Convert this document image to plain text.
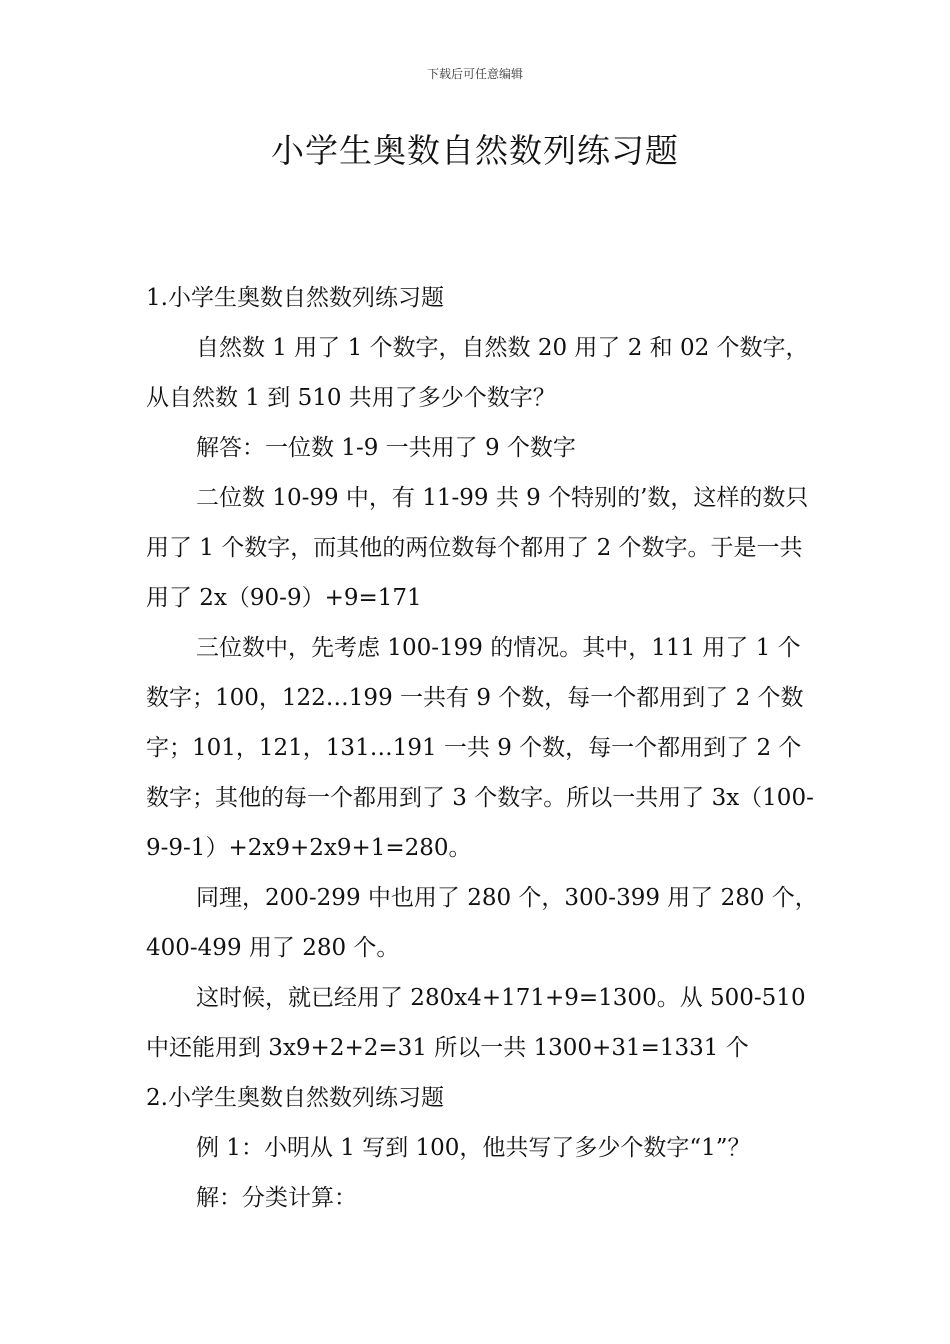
下载后可任意编辑
小学生奥数自然数列练习题

1.小学生奥数自然数列练习题

自然数 1 用了 1 个数字，自然数 20 用了 2 和 02 个数字，从自然数 1 到 510 共用了多少个数字？

解答：一位数 1-9 一共用了 9 个数字

二位数 10-99 中，有 11-99 共 9 个特别的’数，这样的数只用了 1 个数字，而其他的两位数每个都用了 2 个数字。于是一共用了 2x（90-9）+9=171

三位数中，先考虑 100-199 的情况。其中，111 用了 1 个数字；100，122…199 一共有 9 个数，每一个都用到了 2 个数字；101，121，131…191 一共 9 个数，每一个都用到了 2 个数字；其他的每一个都用到了 3 个数字。所以一共用了 3x（100-9-9-1）+2x9+2x9+1=280。

同理，200-299 中也用了 280 个，300-399 用了 280 个，400-499 用了 280 个。

这时候，就已经用了 280x4+171+9=1300。从 500-510 中还能用到 3x9+2+2=31 所以一共 1300+31=1331 个

2.小学生奥数自然数列练习题

例 1：小明从 1 写到 100，他共写了多少个数字“1”？

解：分类计算：
